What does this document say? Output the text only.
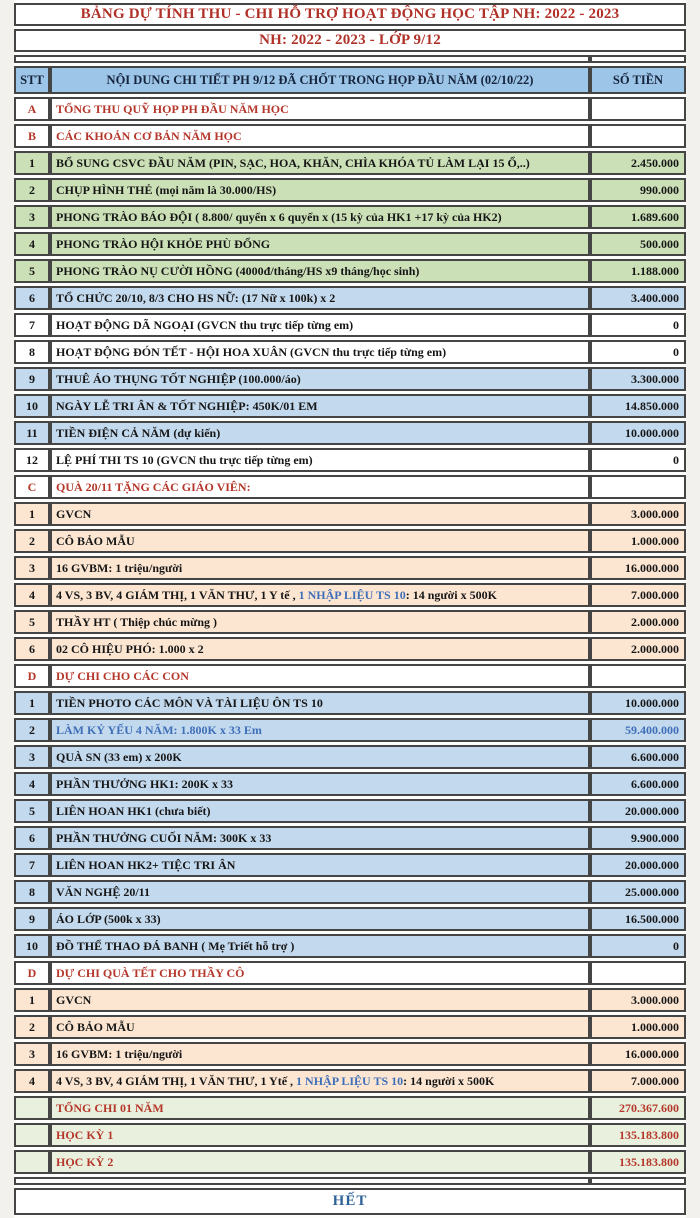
BẢNG DỰ TÍNH THU - CHI HỖ TRỢ HOẠT ĐỘNG HỌC TẬP NH: 2022 - 2023		
NH: 2022 - 2023 - LỚP 9/12		

STT	NỘI DUNG CHI TIẾT PH 9/12 ĐÃ CHỐT TRONG HỌP ĐẦU NĂM (02/10/22)	SỐ TIỀN
A	TỔNG THU QUỸ HỌP PH ĐẦU NĂM HỌC	
B	CÁC KHOẢN CƠ BẢN NĂM HỌC	
1	BỔ SUNG CSVC ĐẦU NĂM (PIN, SẠC, HOA, KHĂN, CHÌA KHÓA TỦ LÀM LẠI 15 Ổ,..)	2.450.000
2	CHỤP HÌNH THẺ (mọi năm là 30.000/HS)	990.000
3	PHONG TRÀO BÁO ĐỘI ( 8.800/ quyển x 6 quyển x (15 kỳ của HK1 +17 kỳ của HK2)	1.689.600
4	PHONG TRÀO HỘI KHỎE PHÙ ĐỔNG	500.000
5	PHONG TRÀO NỤ CƯỜI HỒNG (4000đ/tháng/HS x9 tháng/học sinh)	1.188.000
6	TỔ CHỨC 20/10, 8/3 CHO HS NỮ: (17 Nữ x 100k) x 2	3.400.000
7	HOẠT ĐỘNG DÃ NGOẠI (GVCN thu trực tiếp từng em)	0
8	HOẠT ĐỘNG ĐÓN TẾT - HỘI HOA XUÂN (GVCN thu trực tiếp từng em)	0
9	THUÊ ÁO THỤNG TỐT NGHIỆP (100.000/áo)	3.300.000
10	NGÀY LỄ TRI ÂN & TỐT NGHIỆP: 450K/01 EM	14.850.000
11	TIỀN ĐIỆN CẢ NĂM (dự kiến)	10.000.000
12	LỆ PHÍ THI TS 10 (GVCN thu trực tiếp từng em)	0
C	QUÀ 20/11 TẶNG CÁC GIÁO VIÊN:	
1	GVCN	3.000.000
2	CÔ BẢO MẪU	1.000.000
3	16 GVBM: 1 triệu/người	16.000.000
4	4 VS, 3 BV, 4 GIÁM THỊ, 1 VĂN THƯ, 1 Y tế , 1 NHẬP LIỆU TS 10: 14 người x 500K	7.000.000
5	THẦY HT ( Thiệp chúc mừng )	2.000.000
6	02 CÔ HIỆU PHÓ: 1.000 x 2	2.000.000
D	DỰ CHI CHO CÁC CON	
1	TIỀN PHOTO CÁC MÔN VÀ TÀI LIỆU ÔN TS 10	10.000.000
2	LÀM KỶ YẾU 4 NĂM: 1.800K x 33 Em	59.400.000
3	QUÀ SN (33 em) x 200K	6.600.000
4	PHẦN THƯỞNG HK1: 200K x 33	6.600.000
5	LIÊN HOAN HK1 (chưa biết)	20.000.000
6	PHẦN THƯỞNG CUỐI NĂM: 300K x 33	9.900.000
7	LIÊN HOAN HK2+ TIỆC TRI ÂN	20.000.000
8	VĂN NGHỆ 20/11	25.000.000
9	ÁO LỚP (500k x 33)	16.500.000
10	ĐỒ THỂ THAO ĐÁ BANH ( Mẹ Triết hỗ trợ )	0
D	DỰ CHI QUÀ TẾT CHO THẦY CÔ	
1	GVCN	3.000.000
2	CÔ BẢO MẪU	1.000.000
3	16 GVBM: 1 triệu/người	16.000.000
4	4 VS, 3 BV, 4 GIÁM THỊ, 1 VĂN THƯ, 1 Ytế , 1 NHẬP LIỆU TS 10: 14 người x 500K	7.000.000
	TỔNG CHI 01 NĂM	270.367.600
	HỌC KỲ 1	135.183.800
	HỌC KỲ 2	135.183.800

HẾT		
